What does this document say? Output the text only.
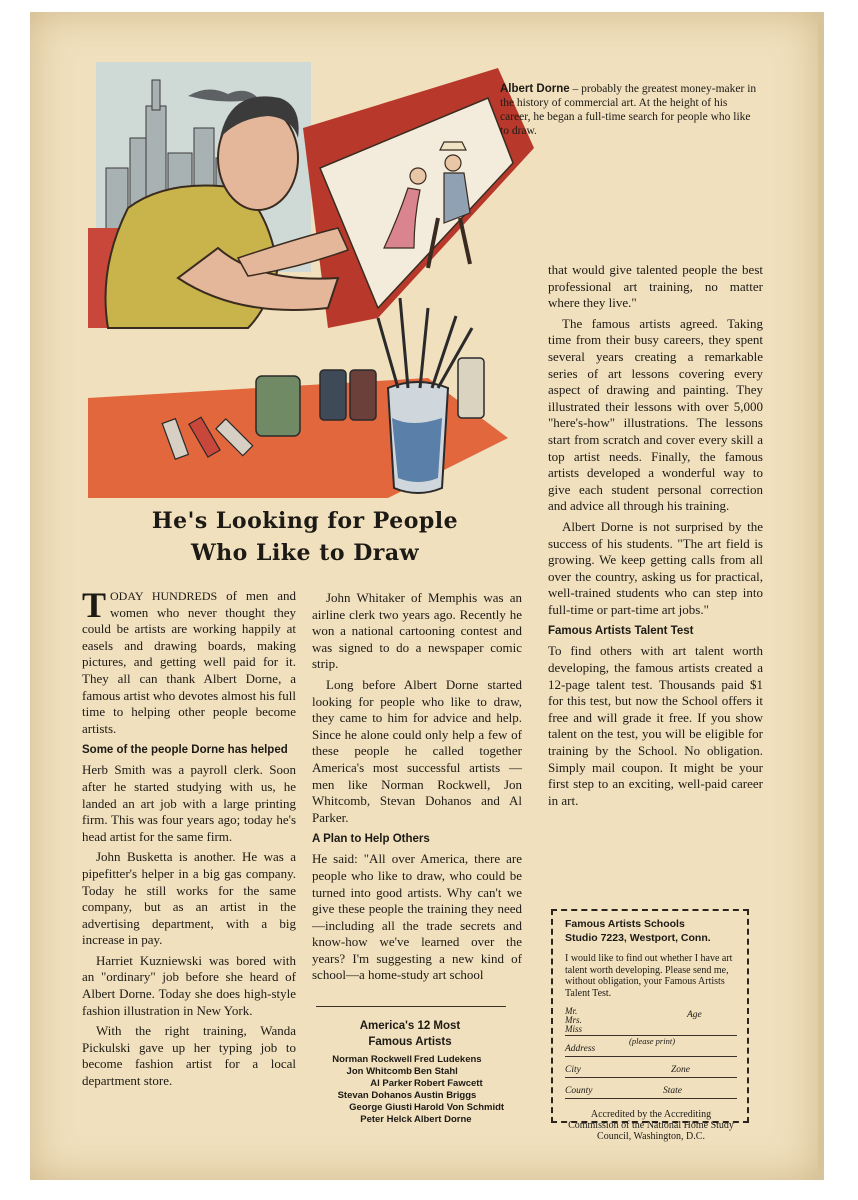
Albert Dorne – probably the greatest money-maker in the history of commercial art. At the height of his career, he began a full-time search for people who like to draw.
He's Looking for People
Who Like to Draw

TODAY HUNDREDS of men and women who never thought they could be artists are working happily at easels and drawing boards, making pictures, and getting well paid for it. They all can thank Albert Dorne, a famous artist who devotes almost his full time to helping other people become artists.

Some of the people Dorne has helped

Herb Smith was a payroll clerk. Soon after he started studying with us, he landed an art job with a large printing firm. This was four years ago; today he's head artist for the same firm.

John Busketta is another. He was a pipefitter's helper in a big gas company. Today he still works for the same company, but as an artist in the advertising department, with a big increase in pay.

Harriet Kuzniewski was bored with an "ordinary" job before she heard of Albert Dorne. Today she does high-style fashion illustration in New York.

With the right training, Wanda Pickulski gave up her typing job to become fashion artist for a local department store.

John Whitaker of Memphis was an airline clerk two years ago. Recently he won a national cartooning contest and was signed to do a newspaper comic strip.

Long before Albert Dorne started looking for people who like to draw, they came to him for advice and help. Since he alone could only help a few of these people he called together America's most successful artists —men like Norman Rockwell, Jon Whitcomb, Stevan Dohanos and Al Parker.

A Plan to Help Others

He said: "All over America, there are people who like to draw, who could be turned into good artists. Why can't we give these people the training they need—including all the trade secrets and know-how we've learned over the years? I'm suggesting a new kind of school—a home-study art school

that would give talented people the best professional art training, no matter where they live."

The famous artists agreed. Taking time from their busy careers, they spent several years creating a remarkable series of art lessons covering every aspect of drawing and painting. They illustrated their lessons with over 5,000 "here's-how" illustrations. The lessons start from scratch and cover every skill a top artist needs. Finally, the famous artists developed a wonderful way to give each student personal correction and advice all through his training.

Albert Dorne is not surprised by the success of his students. "The art field is growing. We keep getting calls from all over the country, asking us for practical, well-trained students who can step into full-time or part-time art jobs."

Famous Artists Talent Test

To find others with art talent worth developing, the famous artists created a 12-page talent test. Thousands paid $1 for this test, but now the School offers it free and will grade it free. If you show talent on the test, you will be eligible for training by the School. No obligation. Simply mail coupon. It might be your first step to an exciting, well-paid career in art.

America's 12 Most
Famous Artists
Norman Rockwell
Jon Whitcomb
Al Parker
Stevan Dohanos
George Giusti
Peter Helck
Fred Ludekens
Ben Stahl
Robert Fawcett
Austin Briggs
Harold Von Schmidt
Albert Dorne
Famous Artists Schools
Studio 7223, Westport, Conn.
I would like to find out whether I have art talent worth developing. Please send me, without obligation, your Famous Artists Talent Test.
Mr.
Mrs.
Miss
(please print)
Age
Address
City	Zone
County	State
Accredited by the Accrediting Commission of the National Home Study Council, Washington, D.C.
